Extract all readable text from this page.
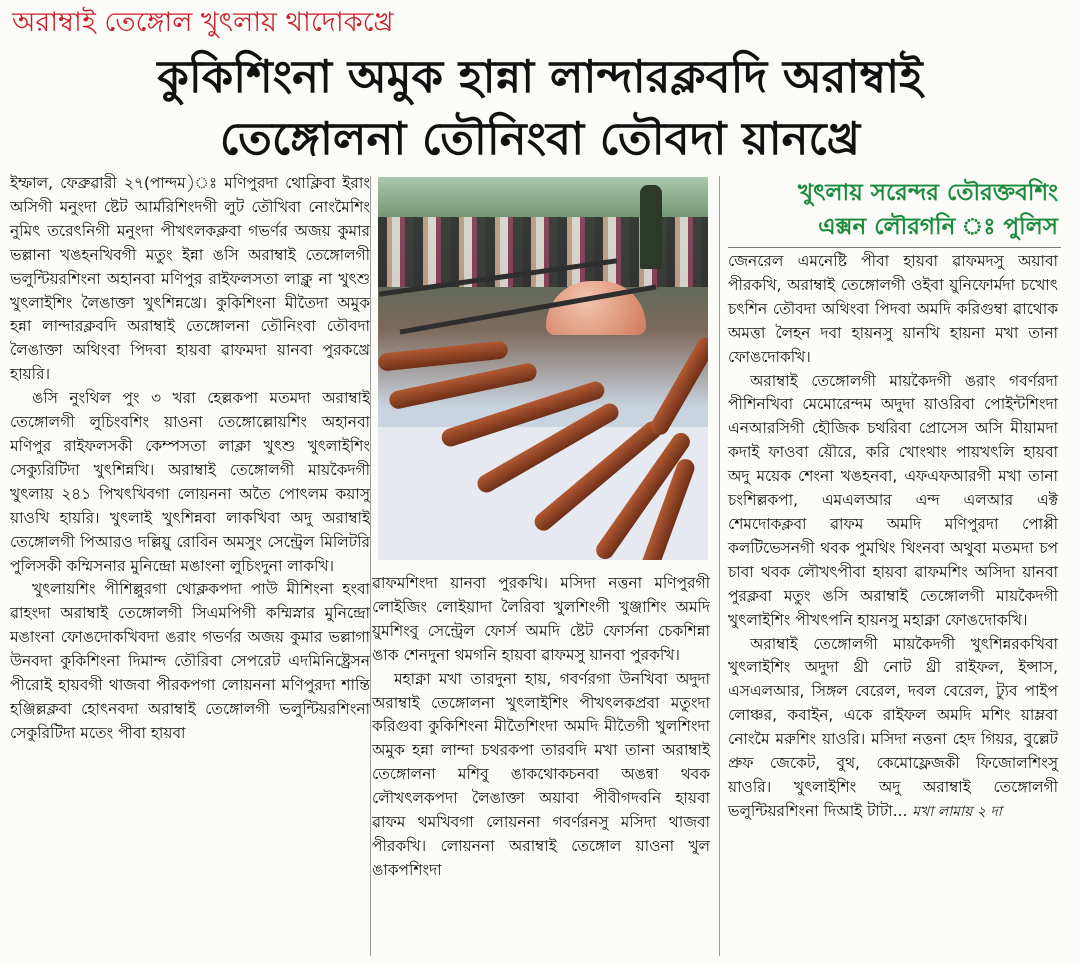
অরাম্বাই তেঙ্গোল খুৎলায় থাদোকখ্রে
কুকিশিংনা অমুক হান্না লান্দারক্লবদি অরাম্বাই
তেঙ্গোলনা তৌনিংবা তৌবদা য়ানখ্রে

ইম্ফাল, ফেব্রুৱারী ২৭(পান্দম)ঃ মণিপুরদা থোক্লিবা ইরাং অসিগী মনুংদা ষ্টেট আর্মরিশিংদগী লুট তৌখিবা নোংমৈশিং নুমিৎ তরেৎনিগী মনুংদা পীখৎলকক্লবা গভর্ণর অজয় কুমার ভল্লানা খঙহনখিবগী মতুং ইন্না ঙসি অরাম্বাই তেঙ্গোলগী ভলুন্টিয়রশিংনা অহানবা মণিপুর রাইফলসতা লাক্লু না খুৎশু খুৎলাইশিং লৈঙাক্তা খুৎশিন্নখ্রে। কুকিশিংনা মীতৈদা অমুক হন্না লান্দারক্লবদি অরাম্বাই তেঙ্গোলনা তৌনিংবা তৌবদা লৈঙাক্তা অথিংবা পিদবা হায়বা ৱাফমদা য়ানবা পুরকখ্রে হায়রি।

ঙসি নুংথিল পুং ৩ খরা হেল্লকপা মতমদা অরাম্বাই তেঙ্গোলগী লুচিংবশিং য়াওনা তেঙ্গোল্লোয়শিং অহানবা মণিপুর রাইফলসকী কেম্পসতা লাক্লা খুৎশু খুৎলাইশিং সেক্যুরিটিদা খুৎশিন্নখি। অরাম্বাই তেঙ্গোলগী মায়কৈদগী খুৎলায় ২৪১ পিখৎখিবগা লোয়ননা অতৈ পোৎলম কয়াসু য়াওখি হায়রি। খুৎলাই খুৎশিন্নবা লাকখিবা অদু অরাম্বাই তেঙ্গোলগী পিআরও দল্লিয়ু রোবিন অমসুং সেন্ট্রেল মিলিটরি পুলিসকী কম্মিসনার মুনিন্দ্রো মঙাংনা লুচিংদুনা লাকখি।

খুৎলায়শিং পীশিল্লুরগা থোক্লকপদা পাউ মীশিংনা হংবা ৱাহংদা অরাম্বাই তেঙ্গোলগী সিএমপিগী কম্মিস্নার মুনিন্দ্রো মঙাংনা ফোঙদোকখিবদা ঙরাং গভর্ণর অজয় কুমার ভল্লাগা উনবদা কুকিশিংনা দিমান্দ তৌরিবা সেপরেট এদমিনিষ্ট্রেসন পীরোই হায়বগী থাজবা পীরকপগা লোয়ননা মণিপুরদা শান্তি হঞ্জিল্লক্লবা হোৎনবদা অরাম্বাই তেঙ্গোলগী ভলুন্টিয়রশিংনা সেকুরিটিদা মতেং পীবা হায়বা

ৱাফমশিংদা য়ানবা পুরকখি। মসিদা নত্তনা মণিপুরগী লোইজিং লোইয়াদা লৈরিবা খুলশিংগী খুঞ্জাশিং অমদি য়ুমশিংবু সেন্ট্রেল ফোর্স অমদি ষ্টেট ফোর্সনা চেকশিন্না ঙাক শেনদুনা থমগনি হায়বা ৱাফমসু য়ানবা পুরকখি।

মহাক্না মখা তারদুনা হায়, গবর্ণরগা উনখিবা অদুদা অরাম্বাই তেঙ্গোলনা খুৎলাইশিং পীখৎলকপ্রবা মতুংদা করিগুবা কুকিশিংনা মীতৈশিংদা অমদি মীতৈগী খুলশিংদা অমুক হন্না লান্দা চথরকপা তারবদি মখা তানা অরাম্বাই তেঙ্গোলনা মশিবু ঙাকথোকচনবা অঙন্বা থবক লৌখৎলকপদা লৈঙাক্তা অয়াবা পীবীগদবনি হায়বা ৱাফম থমখিবগা লোয়ননা গবর্ণরনসু মসিদা থাজবা পীরকখি। লোয়ননা অরাম্বাই তেঙ্গোল য়াওনা খুল ঙাকপশিংদা

খুৎলায় সরেন্দর তৌরক্তবশিং
এক্সন লৌরগনি ঃ পুলিস

জেনরেল এমনেষ্টি পীবা হায়বা ৱাফমদসু অয়াবা পীরকখি, অরাম্বাই তেঙ্গোলগী ওইবা য়ুনিফোর্মদা চখোৎ চৎশিন তৌবদা অথিংবা পিদবা অমদি করিগুম্বা ৱাথোক অমত্তা লৈহন দবা হায়নসু য়ানখি হায়না মখা তানা ফোঙদোকখি।

অরাম্বাই তেঙ্গোলগী মায়কৈদগী ঙরাং গবর্ণরদা পীশিনখিবা মেমোরেন্দম অদুদা য়াওরিবা পোইন্টশিংদা এনআরসিগী হৌজিক চথরিবা প্রোসেস অসি মীয়ামদা কদাই ফাওবা য়ৌরে, করি খোংথাং পায়খৎলি হায়বা অদু ময়েক শেংনা খঙহনবা, এফএফআরগী মখা তানা চংশিল্লকপা, এমএলআর এন্দ এলআর এক্ট শেমদোকক্লবা ৱাফম অমদি মণিপুরদা পোপ্পী কলটিভেসনগী থবক পুমথিং থিংনবা অথুবা মতমদা চপ চাবা থবক লৌখৎপীবা হায়বা ৱাফমশিং অসিদা য়ানবা পুরক্লবা মতুং ঙসি অরাম্বাই তেঙ্গোলগী মায়কৈদগী খুৎলাইশিং পীখৎপনি হায়নসু মহাক্না ফোঙদোকখি।

অরাম্বাই তেঙ্গোলগী মায়কৈদগী খুৎশিন্নরকখিবা খুৎলাইশিং অদুদা থ্রী নোট থ্রী রাইফল, ইন্সাস, এসএলআর, সিঙ্গল বেরেল, দবল বেরেল, ট্যুব পাইপ লোঞ্চর, কবাইন, একে রাইফল অমদি মশিং য়াম্লবা নোংমৈ মরুশিং য়াওরি। মসিদা নত্তনা হেদ গিয়র, বুল্লেট প্রুফ জেকেট, বুথ, কেমোফ্লেজকী ফিজোলশিংসু য়াওরি। খুৎলাইশিং অদু অরাম্বাই তেঙ্গোলগী ভলুন্টিয়রশিংনা দিআই টাটা... মখা লামায় ২ দা
